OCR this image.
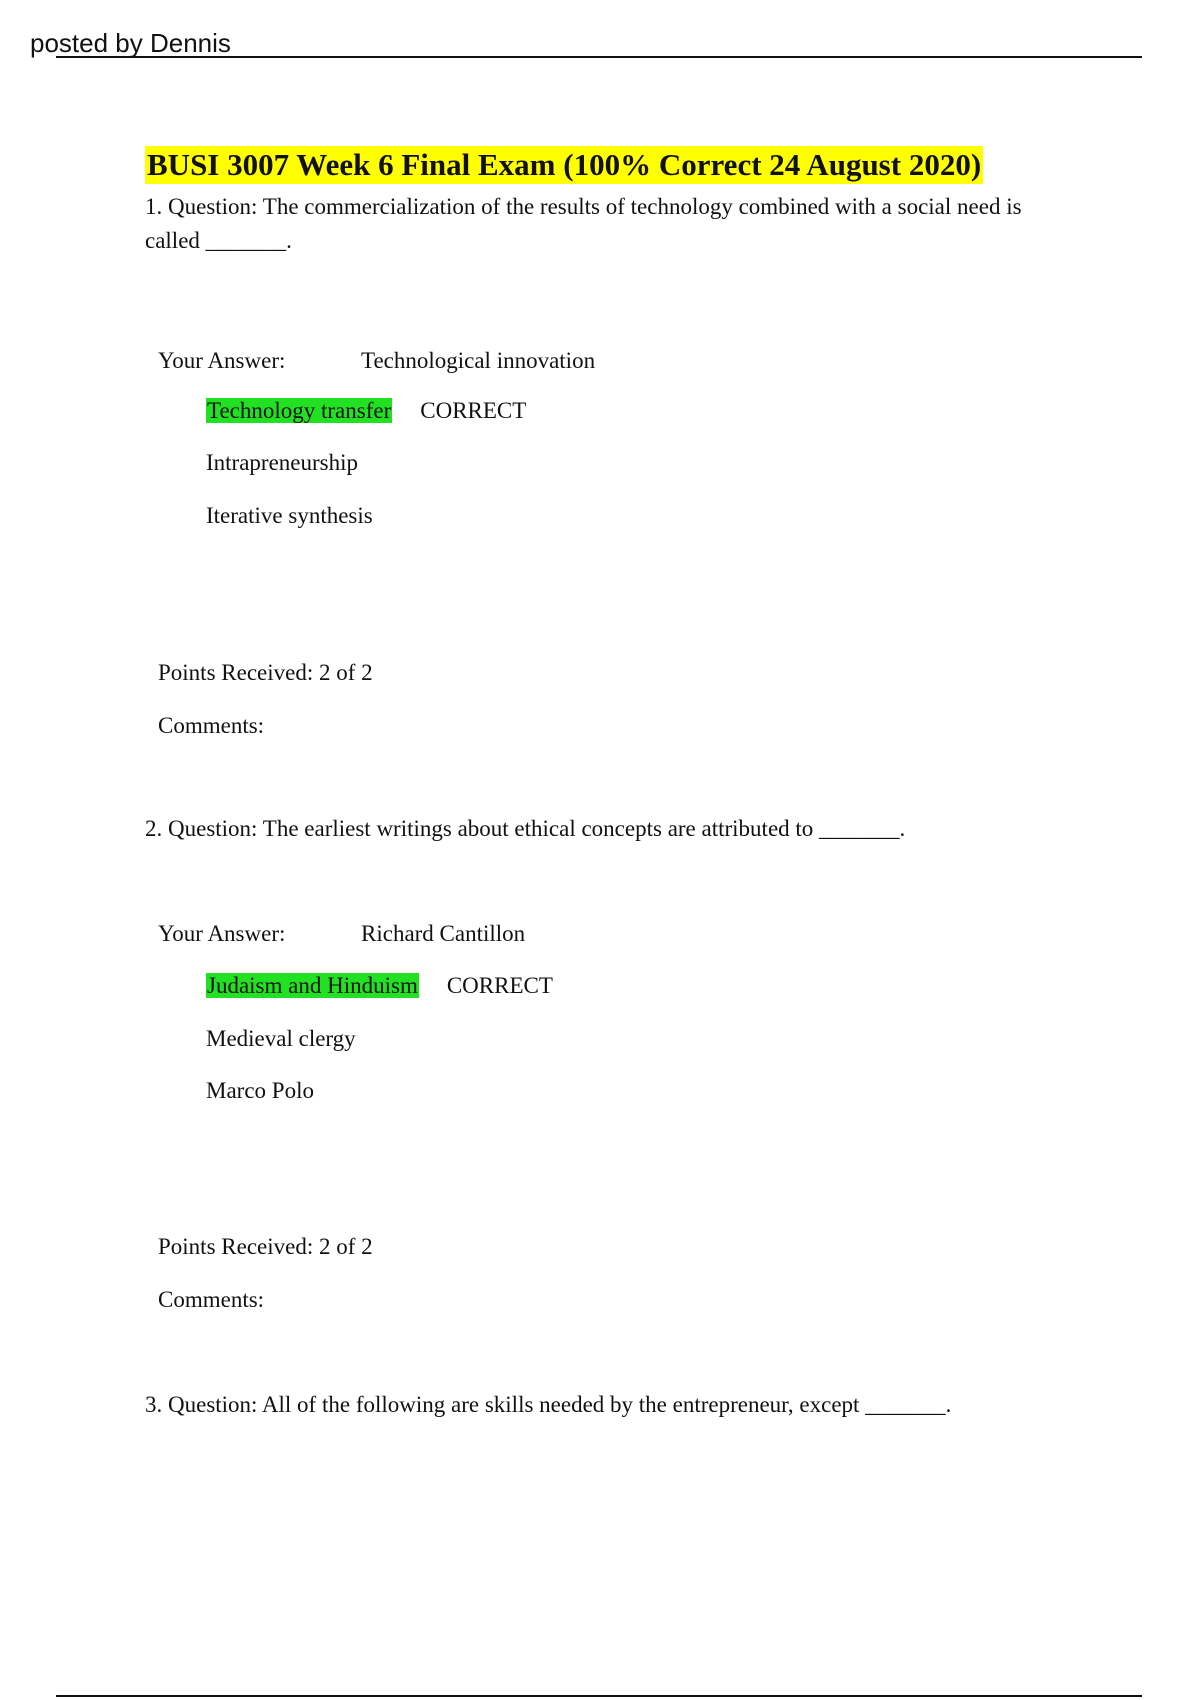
posted by Dennis
BUSI 3007 Week 6 Final Exam (100% Correct 24 August 2020)
1. Question: The commercialization of the results of technology combined with a social need is called _______.
Your Answer:	Technological innovation
Technology transfer CORRECT
Intrapreneurship
Iterative synthesis
Points Received: 2 of 2
Comments:
2. Question: The earliest writings about ethical concepts are attributed to _______.
Your Answer:	Richard Cantillon
Judaism and Hinduism CORRECT
Medieval clergy
Marco Polo
Points Received: 2 of 2
Comments:
3. Question: All of the following are skills needed by the entrepreneur, except _______.
